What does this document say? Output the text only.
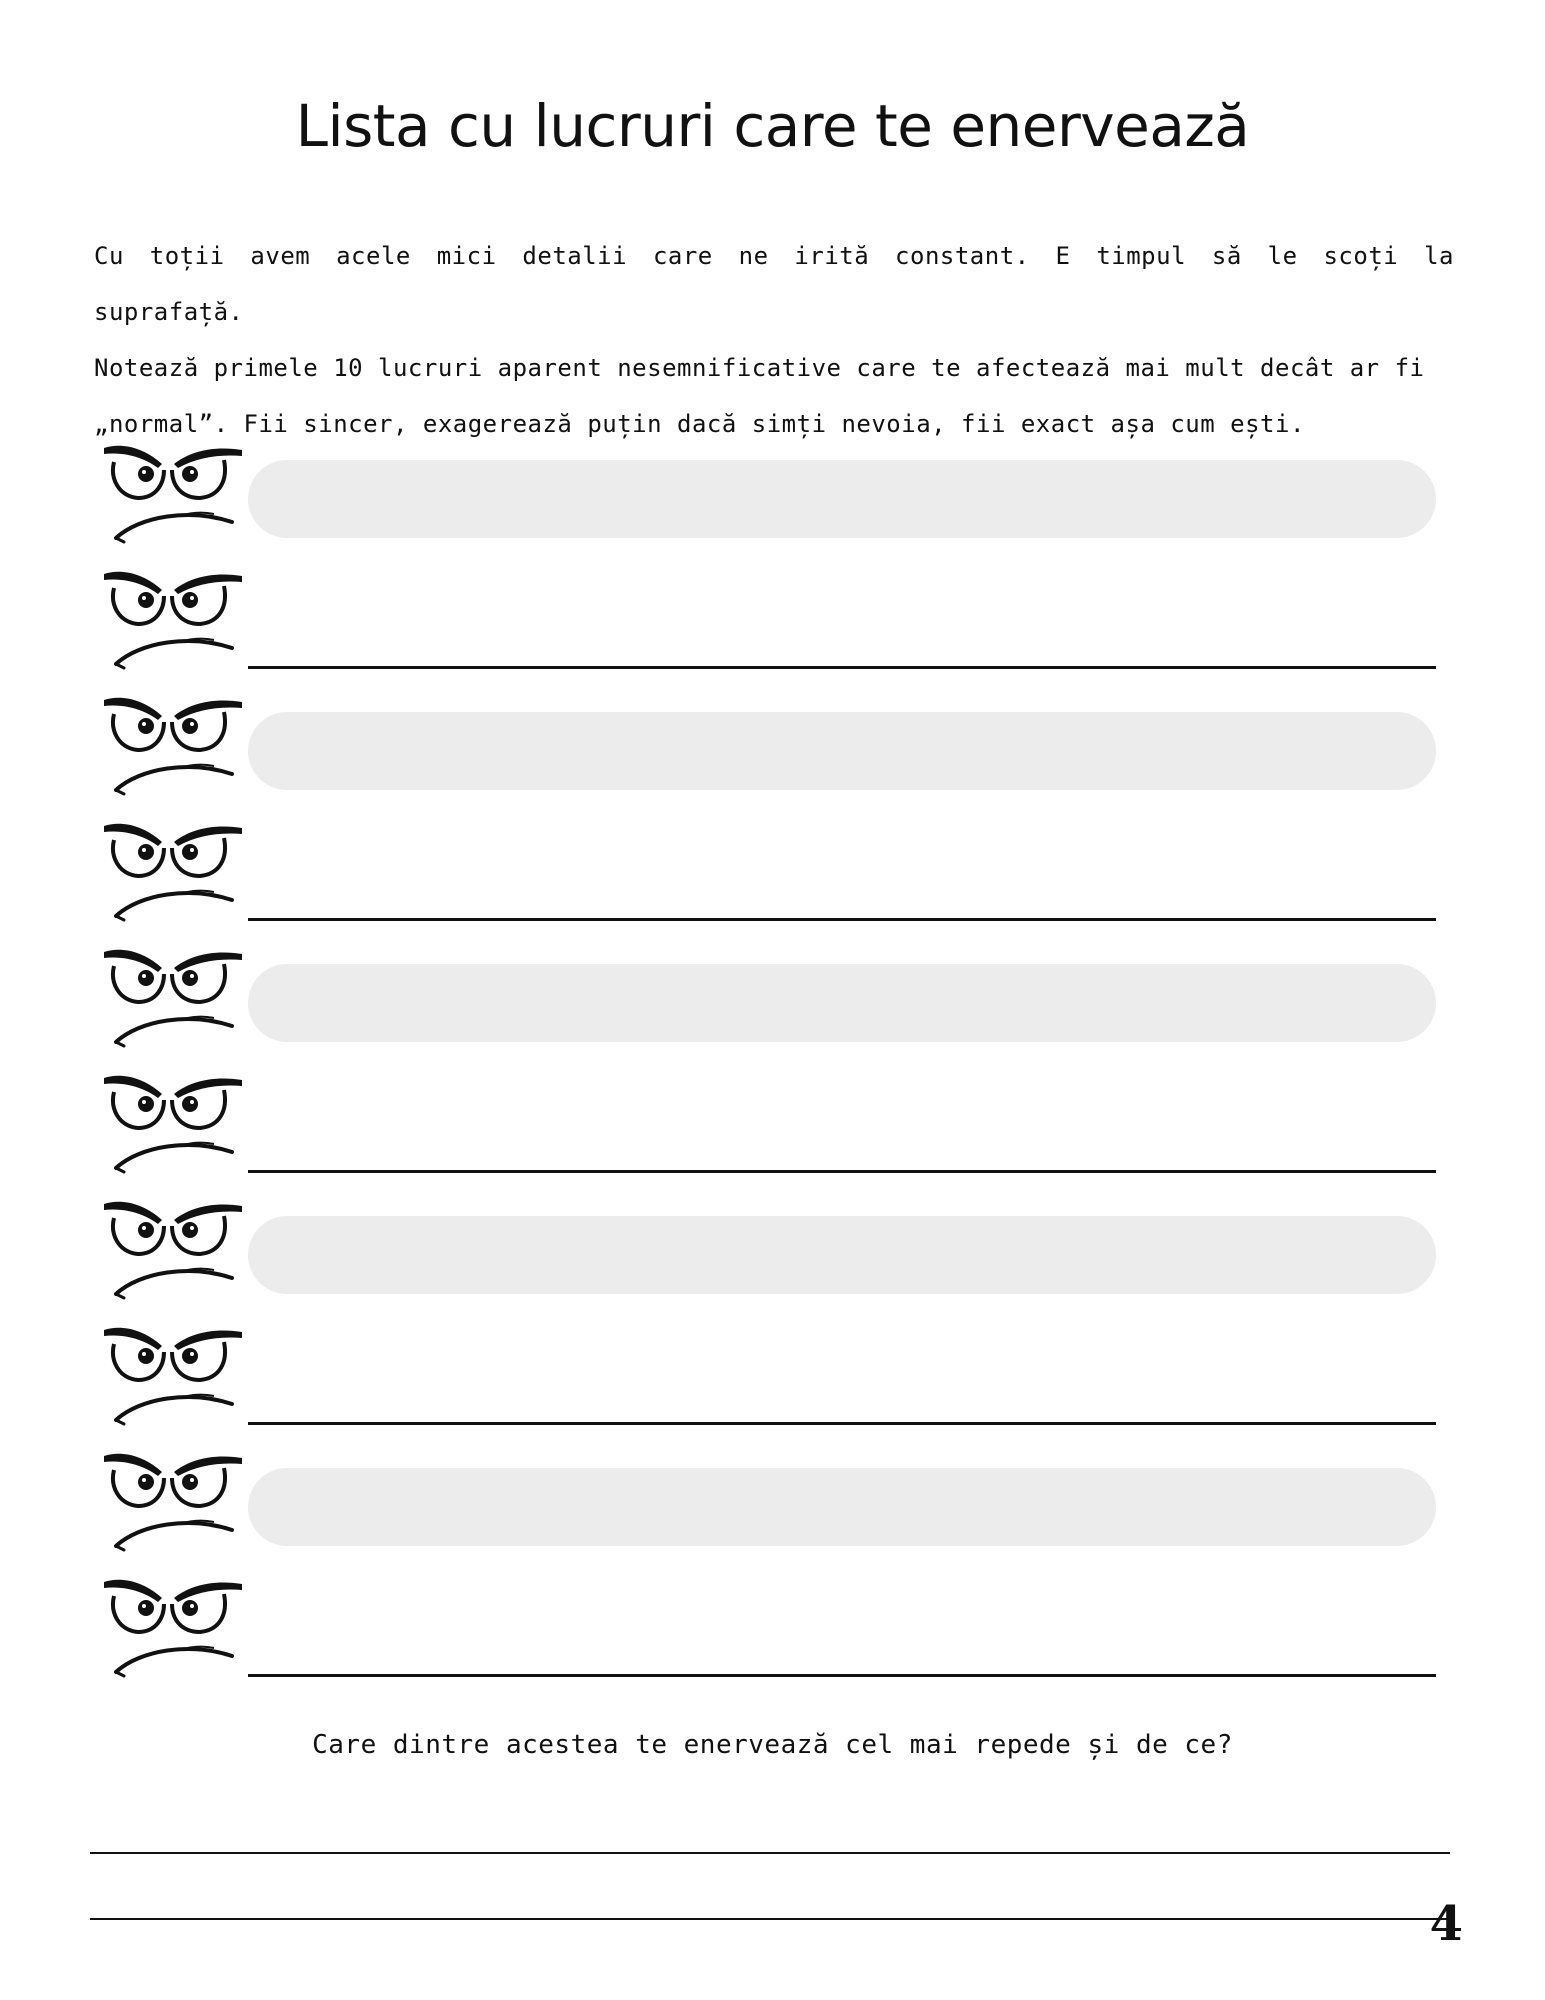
Lista cu lucruri care te enervează
Cu toții avem acele mici detalii care ne irită constant. E timpul să le scoți la suprafață.
Notează primele 10 lucruri aparent nesemnificative care te afectează mai mult decât ar fi
„normal”. Fii sincer, exagerează puțin dacă simți nevoia, fii exact așa cum ești.
Care dintre acestea te enervează cel mai repede și de ce?
4
